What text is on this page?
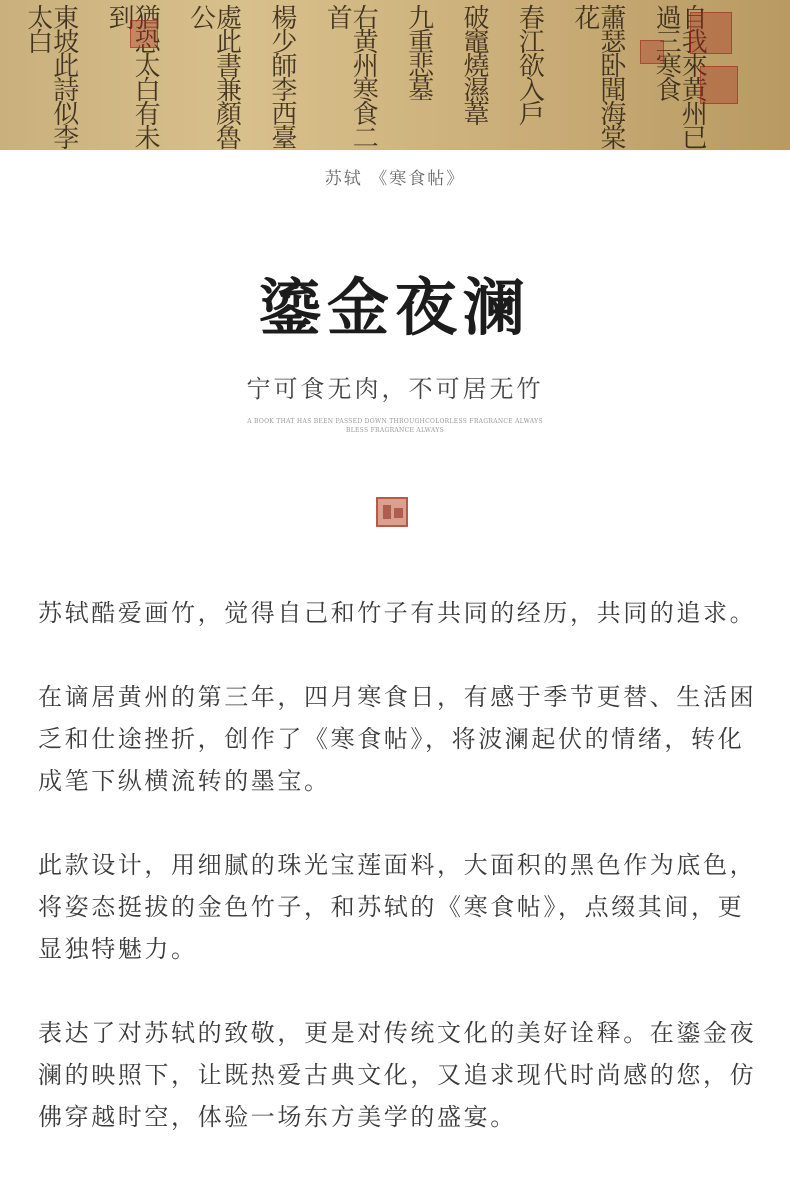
自我來黄州已過三寒食
蕭瑟卧聞海棠花
春江欲入戶
破竈燒濕葦
九重悲墓
右黄州寒食二首
楊少師李西臺
處此書兼顏魯公
猶恐太白有未到
東坡此詩似李太白
苏轼 《寒食帖》
鎏金夜澜
宁可食无肉，不可居无竹
A BOOK THAT HAS BEEN PASSED DOWN THROUGHCOLORLESS FRAGRANCE ALWAYS
BLESS FRAGRANCE ALWAYS

苏轼酷爱画竹，觉得自己和竹子有共同的经历，共同的追求。

在谪居黄州的第三年，四月寒食日，有感于季节更替、生活困乏和仕途挫折，创作了《寒食帖》，将波澜起伏的情绪，转化成笔下纵横流转的墨宝。

此款设计，用细腻的珠光宝莲面料，大面积的黑色作为底色，将姿态挺拔的金色竹子，和苏轼的《寒食帖》，点缀其间，更显独特魅力。

表达了对苏轼的致敬，更是对传统文化的美好诠释。在鎏金夜澜的映照下，让既热爱古典文化，又追求现代时尚感的您，仿佛穿越时空，体验一场东方美学的盛宴。
